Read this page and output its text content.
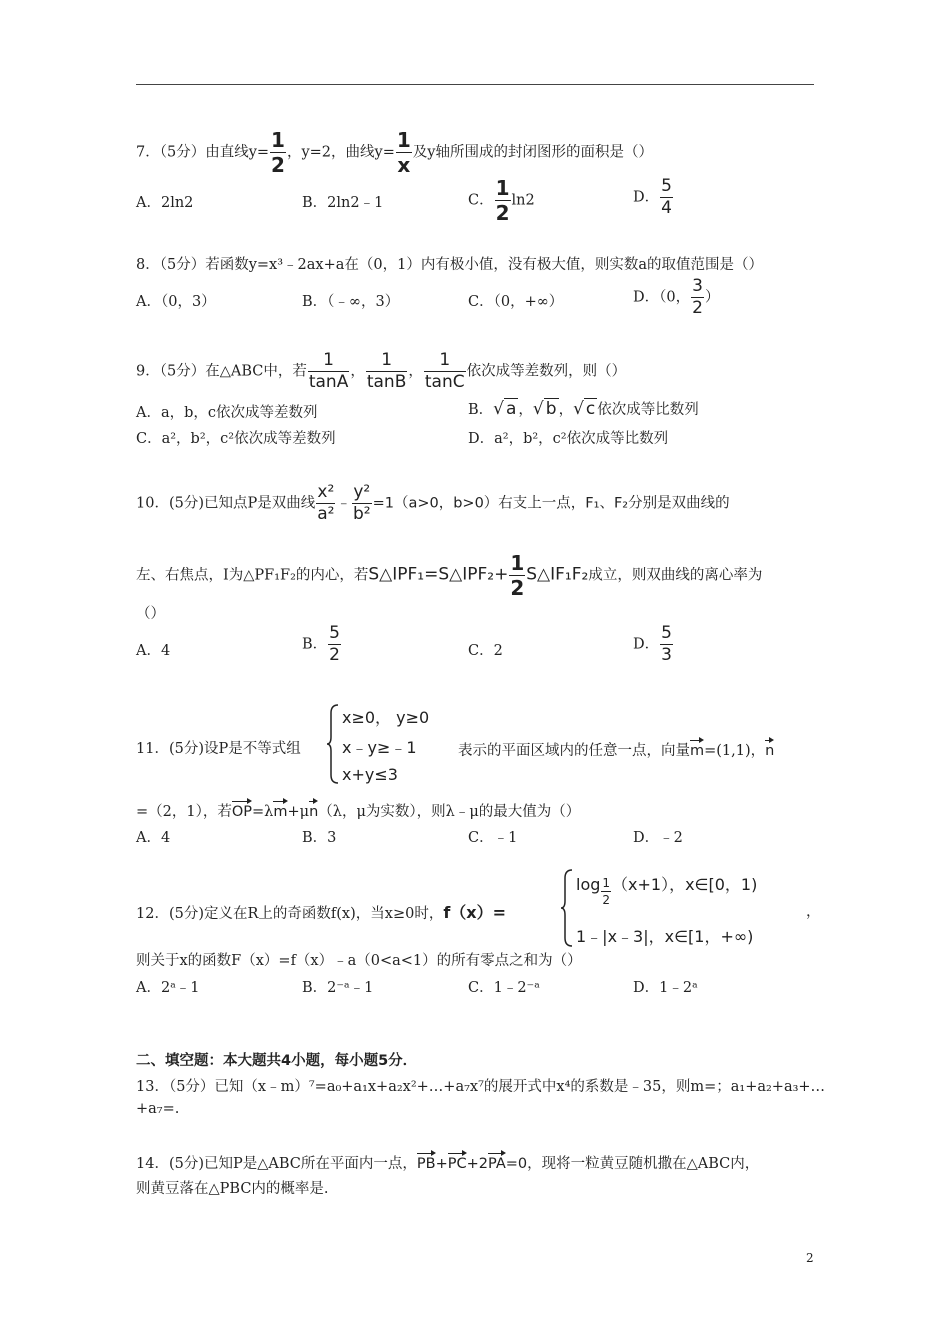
7．（5分）由直线$y= \frac{1}{2}$ ，y=2，曲线$y= \frac{1}{x}$ 及y轴所围成的封闭图形的面积是（）
A．2ln2	B．2ln2﹣1	C． $\frac{1}{2} \ln 2$	D． $\frac{5}{4}$
8．（5分）若函数y=x³﹣2ax+a在（0，1）内有极小值，没有极大值，则实数a的取值范围是（）
A．（0，3）	B．（﹣∞，3）	C．（0，+∞）	D．（0， $\frac{3}{2}$ ）
9．（5分）在△ABC中，若 $\frac{1}{\tan A}$ ， $\frac{1}{\tan B}$ ， $\frac{1}{\tan C}$ 依次成等差数列，则（）
A．a，b，c依次成等差数列	B．√ a ，√ b ，√ c 依次成等比数列
C．a²，b²，c²依次成等差数列	D．a²，b²，c²依次成等比数列
10．(5分)已知点P是双曲线 $\frac{\text{x²}}{\text{a²}}$ ﹣ $\frac{\text{y²}}{\text{b²}} =1(a>0$，b>0）右支上一点，F₁、F₂分别是双曲线的
左、右焦点，I为△PF₁F₂的内心，若S△IPF₁=S△IPF₂+ $\frac{1}{2}$ S△IF₁F₂成立，则双曲线的离心率为
（）
A．4	B． $\frac{5}{2}$	C．2	D． $\frac{5}{3}$
11．(5分)设P是不等式组
x≥0， y≥0
x﹣y≥﹣1
x+y≤3
表示的平面区域内的任意一点，向量m=(1,1)，n
=（2，1），若OP=λm+μn（λ，μ为实数），则λ﹣μ的最大值为（）
A．4	B．3	C．﹣1	D．﹣2
12．(5分)定义在R上的奇函数f(x)，当x≥0时，f（x）=
$\log \frac{1}{2} (x+1)$，x∈[0，1)
1﹣|x﹣3|，x∈[1，+∞)
，
则关于x的函数F（x）=f（x）﹣a（0<a<1）的所有零点之和为（）
A．2ᵃ﹣1	B．2⁻ᵃ﹣1	C．1﹣2⁻ᵃ	D．1﹣2ᵃ
二、填空题：本大题共4小题，每小题5分．
13．（5分）已知（x﹣m）⁷=a₀+a₁x+a₂x²+…+a₇x⁷的展开式中x⁴的系数是﹣35，则m=；a₁+a₂+a₃+…
+a₇=.
14．(5分)已知P是△ABC所在平面内一点，PB+PC+2PA=0，现将一粒黄豆随机撒在△ABC内，
则黄豆落在△PBC内的概率是.
2
